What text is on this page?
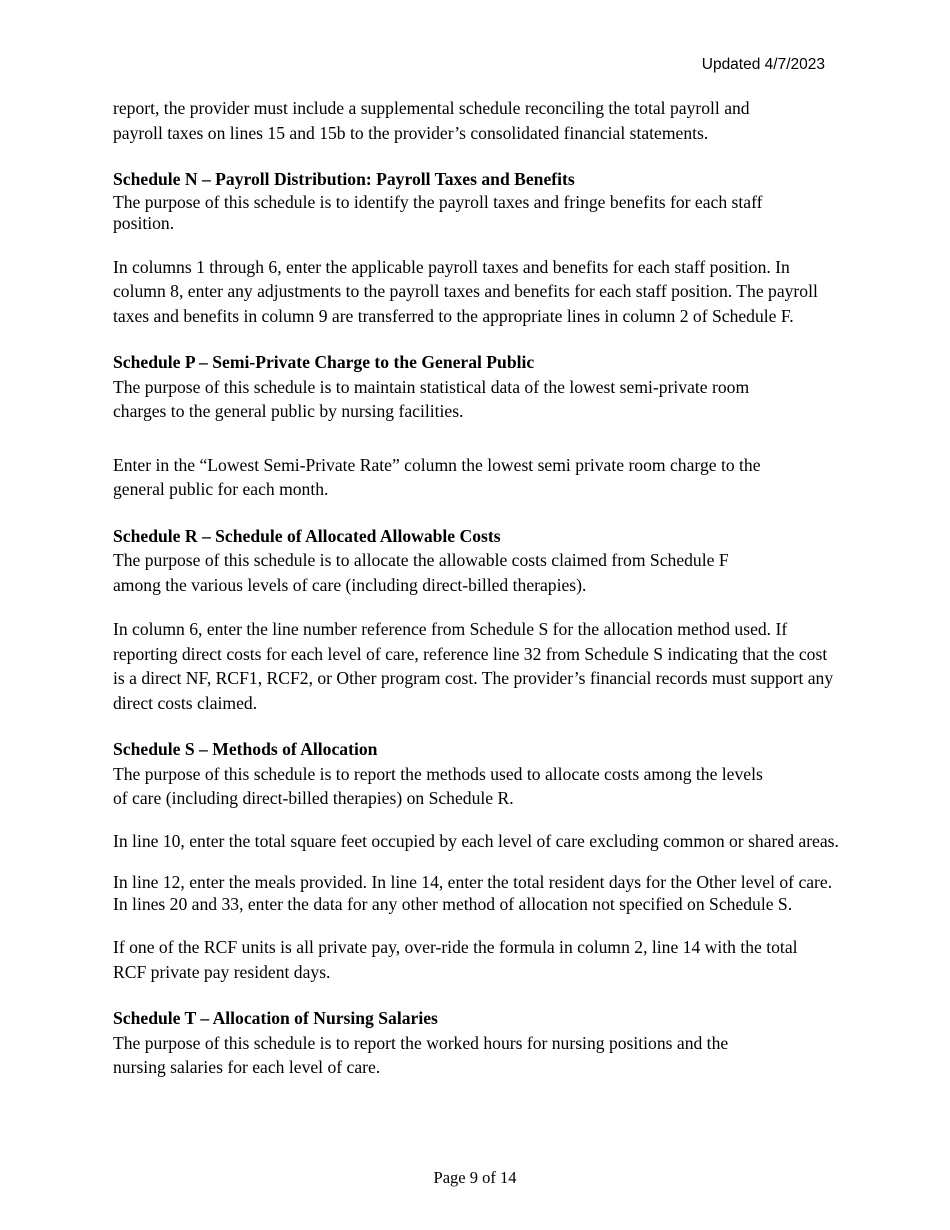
Updated 4/7/2023

report, the provider must include a supplemental schedule reconciling the total payroll and payroll taxes on lines 15 and 15b to the provider’s consolidated financial statements.

Schedule N – Payroll Distribution: Payroll Taxes and Benefits

The purpose of this schedule is to identify the payroll taxes and fringe benefits for each staff position.

In columns 1 through 6, enter the applicable payroll taxes and benefits for each staff position. In column 8, enter any adjustments to the payroll taxes and benefits for each staff position. The payroll taxes and benefits in column 9 are transferred to the appropriate lines in column 2 of Schedule F.

Schedule P – Semi-Private Charge to the General Public

The purpose of this schedule is to maintain statistical data of the lowest semi-private room charges to the general public by nursing facilities.

Enter in the “Lowest Semi-Private Rate” column the lowest semi private room charge to the general public for each month.

Schedule R – Schedule of Allocated Allowable Costs

The purpose of this schedule is to allocate the allowable costs claimed from Schedule F among the various levels of care (including direct-billed therapies).

In column 6, enter the line number reference from Schedule S for the allocation method used. If reporting direct costs for each level of care, reference line 32 from Schedule S indicating that the cost is a direct NF, RCF1, RCF2, or Other program cost. The provider’s financial records must support any direct costs claimed.

Schedule S – Methods of Allocation

The purpose of this schedule is to report the methods used to allocate costs among the levels of care (including direct-billed therapies) on Schedule R.

In line 10, enter the total square feet occupied by each level of care excluding common or shared areas.

In line 12, enter the meals provided. In line 14, enter the total resident days for the Other level of care. In lines 20 and 33, enter the data for any other method of allocation not specified on Schedule S.

If one of the RCF units is all private pay, over-ride the formula in column 2, line 14 with the total RCF private pay resident days.

Schedule T – Allocation of Nursing Salaries

The purpose of this schedule is to report the worked hours for nursing positions and the nursing salaries for each level of care.

Page 9 of 14
